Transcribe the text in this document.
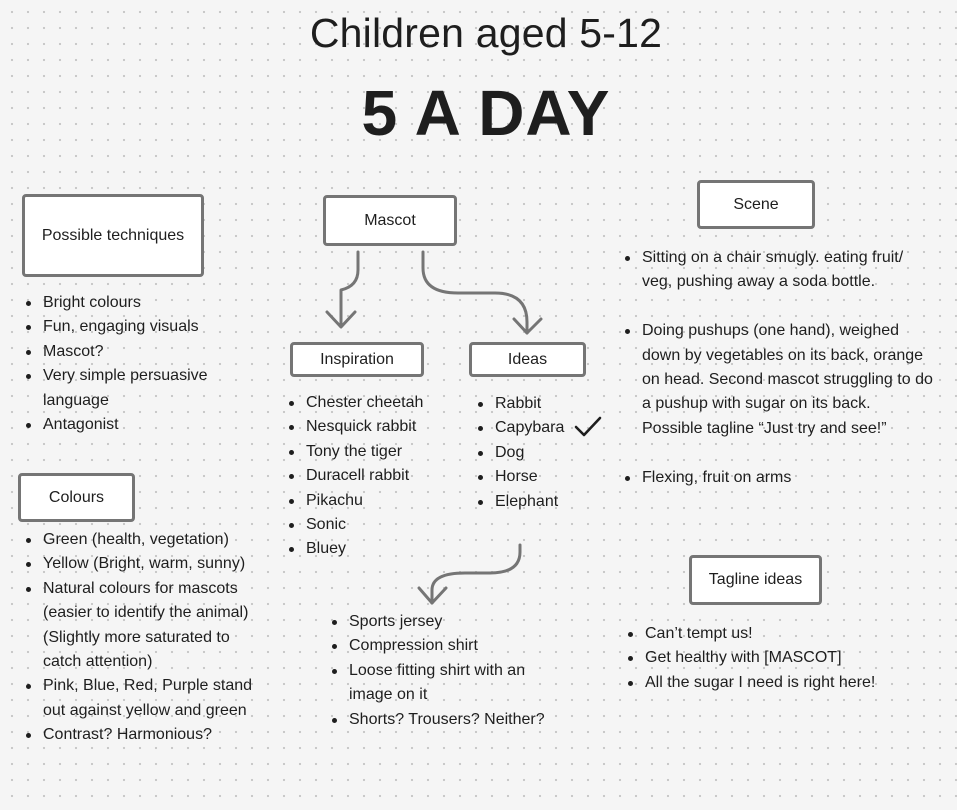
Children aged 5-12
5 A DAY
Possible techniques
Bright colours
Fun, engaging visuals
Mascot?
Very simple persuasive language
Antagonist
Colours
Green (health, vegetation)
Yellow (Bright, warm, sunny)
Natural colours for mascots (easier to identify the animal)(Slightly more saturated to catch attention)
Pink, Blue, Red, Purple stand out against yellow and green
Contrast? Harmonious?
Mascot
Inspiration
Chester cheetah
Nesquick rabbit
Tony the tiger
Duracell rabbit
Pikachu
Sonic
Bluey
Ideas
Rabbit
Capybara
Dog
Horse
Elephant
Sports jersey
Compression shirt
Loose fitting shirt with an image on it
Shorts? Trousers? Neither?
Scene
Sitting on a chair smugly. eating fruit/ veg, pushing away a soda bottle.
Doing pushups (one hand), weighed down by vegetables on its back, orange on head. Second mascot struggling to do a pushup with sugar on its back. Possible tagline “Just try and see!”
Flexing, fruit on arms
Tagline ideas
Can’t tempt us!
Get healthy with [MASCOT]
All the sugar I need is right here!
